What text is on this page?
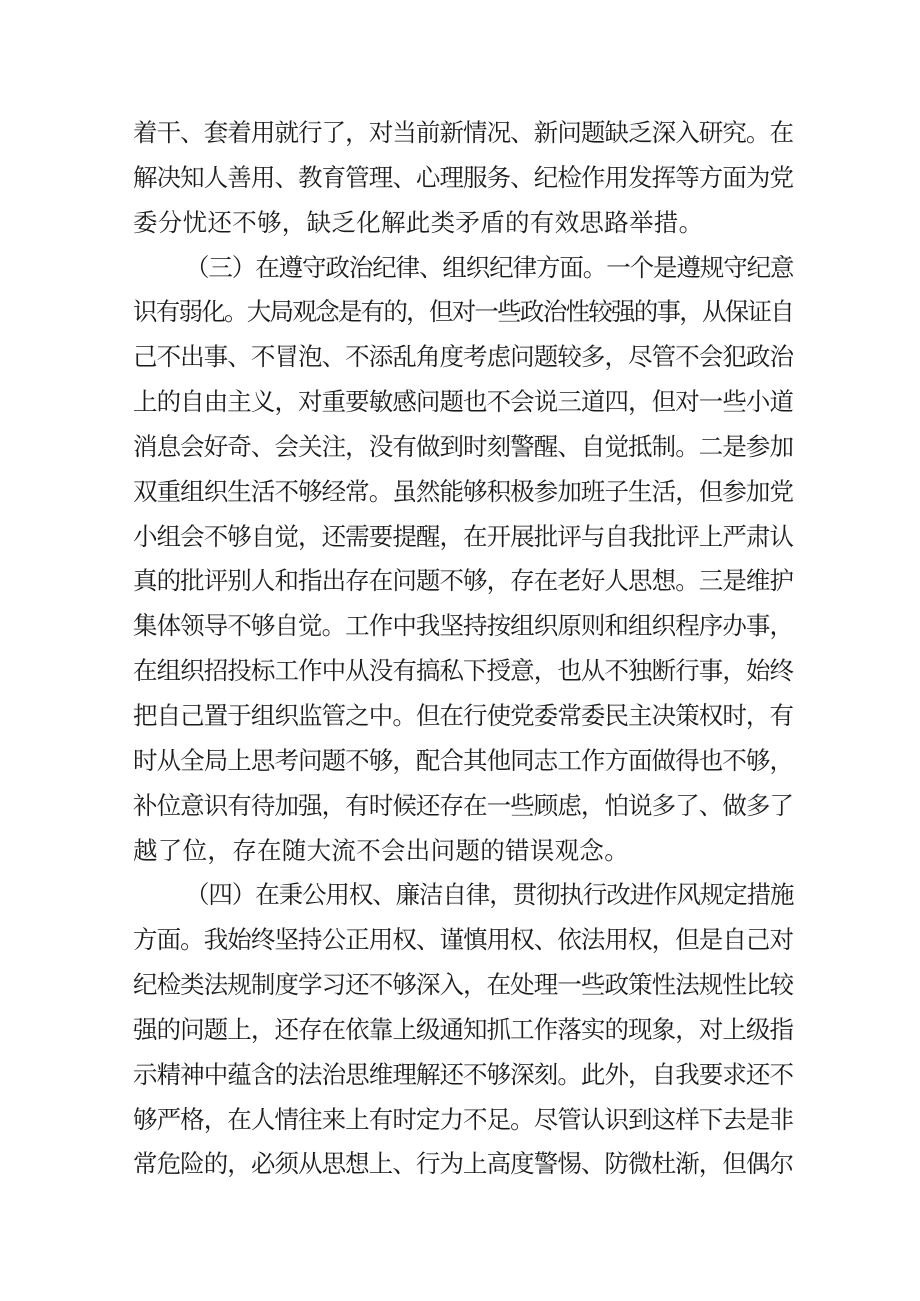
着干、套着用就行了，对当前新情况、新问题缺乏深入研究。在
解决知人善用、教育管理、心理服务、纪检作用发挥等方面为党
委分忧还不够，缺乏化解此类矛盾的有效思路举措。
（三）在遵守政治纪律、组织纪律方面。一个是遵规守纪意
识有弱化。大局观念是有的，但对一些政治性较强的事，从保证自
己不出事、不冒泡、不添乱角度考虑问题较多，尽管不会犯政治
上的自由主义，对重要敏感问题也不会说三道四，但对一些小道
消息会好奇、会关注，没有做到时刻警醒、自觉抵制。二是参加
双重组织生活不够经常。虽然能够积极参加班子生活，但参加党
小组会不够自觉，还需要提醒，在开展批评与自我批评上严肃认
真的批评别人和指出存在问题不够，存在老好人思想。三是维护
集体领导不够自觉。工作中我坚持按组织原则和组织程序办事，
在组织招投标工作中从没有搞私下授意，也从不独断行事，始终
把自己置于组织监管之中。但在行使党委常委民主决策权时，有
时从全局上思考问题不够，配合其他同志工作方面做得也不够，
补位意识有待加强，有时候还存在一些顾虑，怕说多了、做多了
越了位，存在随大流不会出问题的错误观念。
（四）在秉公用权、廉洁自律，贯彻执行改进作风规定措施
方面。我始终坚持公正用权、谨慎用权、依法用权，但是自己对
纪检类法规制度学习还不够深入，在处理一些政策性法规性比较
强的问题上，还存在依靠上级通知抓工作落实的现象，对上级指
示精神中蕴含的法治思维理解还不够深刻。此外，自我要求还不
够严格，在人情往来上有时定力不足。尽管认识到这样下去是非
常危险的，必须从思想上、行为上高度警惕、防微杜渐，但偶尔
